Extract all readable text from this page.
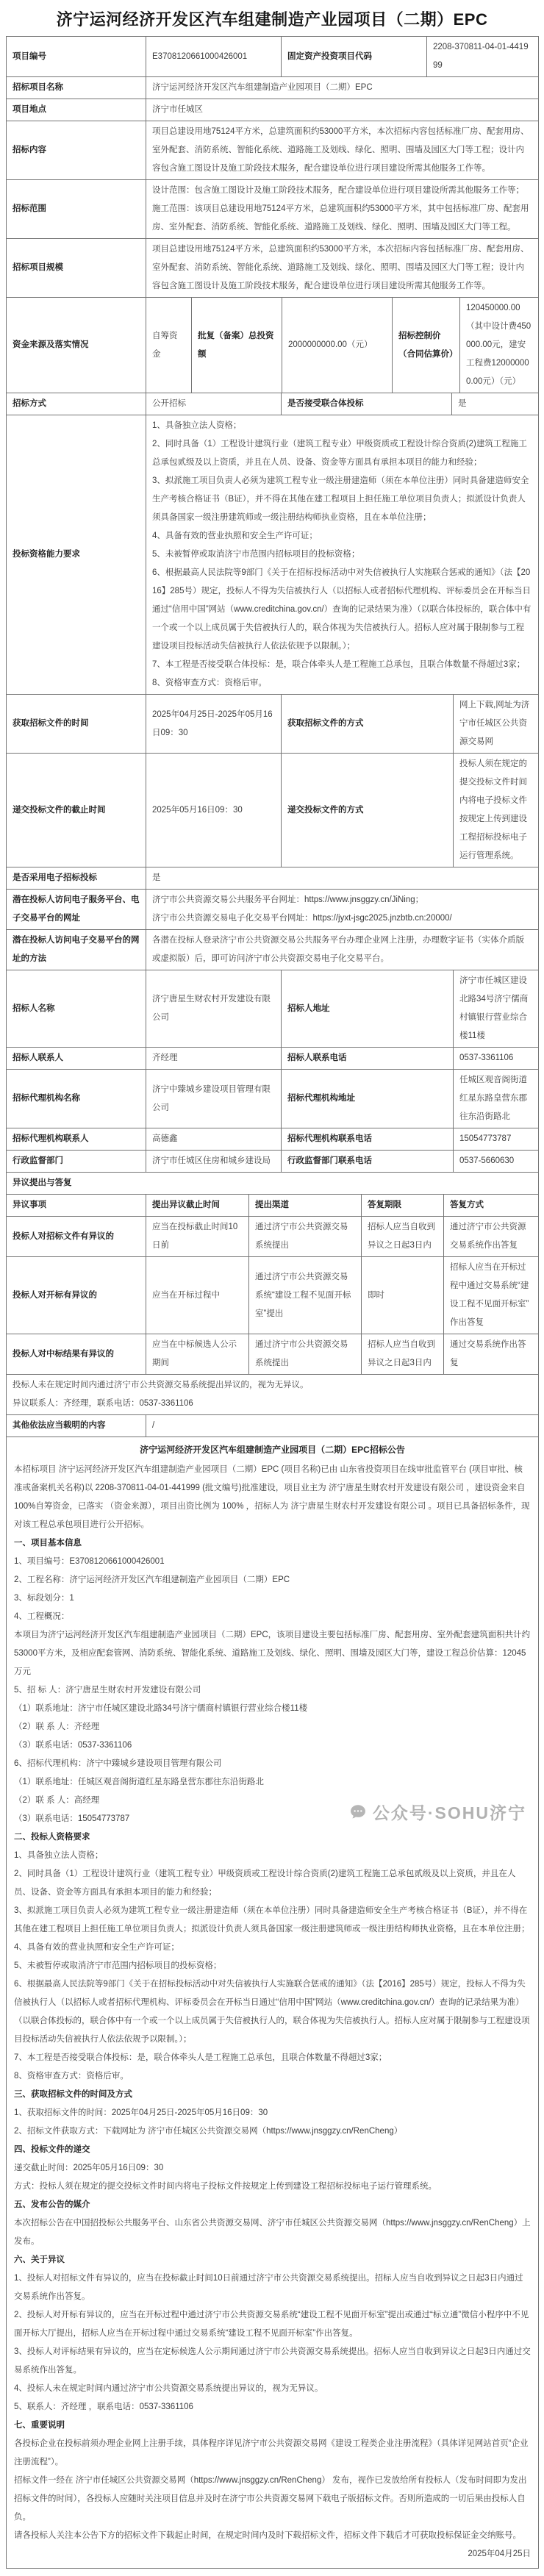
济宁运河经济开发区汽车组建制造产业园项目（二期）EPC
项目编号	E3708120661000426001	固定资产投资项目代码	2208-370811-04-01-441999
招标项目名称	济宁运河经济开发区汽车组建制造产业园项目（二期）EPC
项目地点	济宁市任城区
招标内容	项目总建设用地75124平方米，总建筑面积约53000平方米，本次招标内容包括标准厂房、配套用房、室外配套、消防系统、智能化系统、道路施工及划线、绿化、照明、围墙及园区大门等工程；设计内容包含施工图设计及施工阶段技术服务，配合建设单位进行项目建设所需其他服务工作等。
招标范围	设计范围：包含施工图设计及施工阶段技术服务，配合建设单位进行项目建设所需其他服务工作等；

施工范围：该项目总建设用地75124平方米，总建筑面积约53000平方米，其中包括标准厂房、配套用房、室外配套、消防系统、智能化系统、道路施工及划线、绿化、照明、围墙及园区大门等工程。

招标项目规模	项目总建设用地75124平方米，总建筑面积约53000平方米，本次招标内容包括标准厂房、配套用房、室外配套、消防系统、智能化系统、道路施工及划线、绿化、照明、围墙及园区大门等工程；设计内容包含施工图设计及施工阶段技术服务，配合建设单位进行项目建设所需其他服务工作等。
资金来源及落实情况	自筹资金	批复（备案）总投资额	2000000000.00（元）	招标控制价（合同估算价）	120450000.00（其中设计费450000.00元，建安工程费120000000.00元）（元）
招标方式	公开招标	是否接受联合体投标	是
投标资格能力要求	

1、具备独立法人资格；

2、同时具备（1）工程设计建筑行业（建筑工程专业）甲级资质或工程设计综合资质(2)建筑工程施工总承包贰级及以上资质，并且在人员、设备、资金等方面具有承担本项目的能力和经验；

3、拟派施工项目负责人必须为建筑工程专业一级注册建造师（须在本单位注册）同时具备建造师安全生产考核合格证书（B证），并不得在其他在建工程项目上担任施工单位项目负责人；拟派设计负责人须具备国家一级注册建筑师或一级注册结构师执业资格，且在本单位注册；

4、具备有效的营业执照和安全生产许可证；

5、未被暂停或取消济宁市范围内招标项目的投标资格；

6、根据最高人民法院等9部门《关于在招标投标活动中对失信被执行人实施联合惩戒的通知》（法【2016】285号）规定，投标人不得为失信被执行人（以招标人或者招标代理机构、评标委员会在开标当日通过“信用中国”网站（www.creditchina.gov.cn/）查询的记录结果为准）（以联合体投标的，联合体中有一个或一个以上成员属于失信被执行人的，联合体视为失信被执行人。招标人应对属于限制参与工程建设项目投标活动失信被执行人依法依规予以限制。）；

7、本工程是否接受联合体投标：是，联合体牵头人是工程施工总承包，且联合体数量不得超过3家；

8、资格审查方式：资格后审。

获取招标文件的时间	2025年04月25日-2025年05月16日09：30	获取招标文件的方式	网上下载,网址为济宁市任城区公共资源交易网
递交投标文件的截止时间	2025年05月16日09：30	递交投标文件的方式	投标人须在规定的提交投标文件时间内将电子投标文件按规定上传到建设工程招标投标电子运行管理系统。
是否采用电子招标投标	是
潜在投标人访问电子服务平台、电子交易平台的网址	济宁市公共资源交易公共服务平台网址：https://www.jnsggzy.cn/JiNing；

济宁市公共资源交易电子化交易平台网址：https://jyxt-jsgc2025.jnzbtb.cn:20000/

潜在投标人访问电子交易平台的网址的方法	各潜在投标人登录济宁市公共资源交易公共服务平台办理企业网上注册，办理数字证书（实体介质版或虚拟版）后，即可访问济宁市公共资源交易电子化交易平台。
招标人名称	济宁唐星生财农村开发建设有限公司	招标人地址	济宁市任城区建设北路34号济宁儒商村镇银行营业综合楼11楼
招标人联系人	齐经理	招标人联系电话	0537-3361106
招标代理机构名称	济宁中臻城乡建设项目管理有限公司	招标代理机构地址	任城区观音阁街道红星东路皇营东郡往东沿街路北
招标代理机构联系人	高德鑫	招标代理机构联系电话	15054773787
行政监督部门	济宁市任城区住房和城乡建设局	行政监督部门联系电话	0537-5660630
异议提出与答复
异议事项	提出异议截止时间	提出渠道	答复期限	答复方式
投标人对招标文件有异议的	应当在投标截止时间10日前	通过济宁市公共资源交易系统提出	招标人应当自收到异议之日起3日内	通过济宁市公共资源交易系统作出答复
投标人对开标有异议的	应当在开标过程中	通过济宁市公共资源交易系统“建设工程不见面开标室”提出	即时	招标人应当在开标过程中通过交易系统“建设工程不见面开标室”作出答复
投标人对中标结果有异议的	应当在中标候选人公示期间	通过济宁市公共资源交易系统提出	招标人应当自收到异议之日起3日内	通过交易系统作出答复

投标人未在规定时间内通过济宁市公共资源交易系统提出异议的，视为无异议。

异议联系人：齐经理，联系电话：0537-3361106

其他依法应当载明的内容	/

济宁运河经济开发区汽车组建制造产业园项目（二期）EPC招标公告

本招标项目 济宁运河经济开发区汽车组建制造产业园项目（二期）EPC (项目名称)已由 山东省投资项目在线审批监管平台 (项目审批、核准或备案机关名称)以 2208-370811-04-01-441999 (批文编号)批准建设，项目业主为 济宁唐星生财农村开发建设有限公司 ，建设资金来自 100%自筹资金，已落实 （资金来源），项目出资比例为 100% ，招标人为 济宁唐星生财农村开发建设有限公司 。项目已具备招标条件，现对该工程总承包项目进行公开招标。

一、项目基本信息

1、项目编号：E3708120661000426001

2、工程名称：济宁运河经济开发区汽车组建制造产业园项目（二期）EPC

3、标段划分：1

4、工程概况：

本项目为济宁运河经济开发区汽车组建制造产业园项目（二期）EPC，该项目建设主要包括标准厂房、配套用房、室外配套建筑面积共计约53000平方米，及相应配套管网、消防系统、智能化系统、道路施工及划线、绿化、照明、围墙及园区大门等，建设工程总价估算：12045万元

5、招 标 人：济宁唐星生财农村开发建设有限公司

（1）联系地址：济宁市任城区建设北路34号济宁儒商村镇银行营业综合楼11楼

（2）联 系 人：齐经理

（3）联系电话：0537-3361106

6、招标代理机构：济宁中臻城乡建设项目管理有限公司

（1）联系地址：任城区观音阁街道红星东路皇营东郡往东沿街路北

（2）联 系 人：高经理

（3）联系电话：15054773787

二、投标人资格要求

1、具备独立法人资格；

2、同时具备（1）工程设计建筑行业（建筑工程专业）甲级资质或工程设计综合资质(2)建筑工程施工总承包贰级及以上资质，并且在人员、设备、资金等方面具有承担本项目的能力和经验；

3、拟派施工项目负责人必须为建筑工程专业一级注册建造师（须在本单位注册）同时具备建造师安全生产考核合格证书（B证），并不得在其他在建工程项目上担任施工单位项目负责人；拟派设计负责人须具备国家一级注册建筑师或一级注册结构师执业资格，且在本单位注册；

4、具备有效的营业执照和安全生产许可证；

5、未被暂停或取消济宁市范围内招标项目的投标资格；

6、根据最高人民法院等9部门《关于在招标投标活动中对失信被执行人实施联合惩戒的通知》（法【2016】285号）规定，投标人不得为失信被执行人（以招标人或者招标代理机构、评标委员会在开标当日通过“信用中国”网站（www.creditchina.gov.cn/）查询的记录结果为准）（以联合体投标的，联合体中有一个或一个以上成员属于失信被执行人的，联合体视为失信被执行人。招标人应对属于限制参与工程建设项目投标活动失信被执行人依法依规予以限制。）；

7、本工程是否接受联合体投标：是，联合体牵头人是工程施工总承包，且联合体数量不得超过3家；

8、资格审查方式：资格后审。

三、获取招标文件的时间及方式

1、获取招标文件的时间：2025年04月25日-2025年05月16日09：30

2、招标文件获取方式：下载网址为 济宁市任城区公共资源交易网（https://www.jnsggzy.cn/RenCheng）

四、投标文件的递交

递交截止时间：2025年05月16日09：30

方式：投标人须在规定的提交投标文件时间内将电子投标文件按规定上传到建设工程招标投标电子运行管理系统。

五、发布公告的媒介

本次招标公告在中国招投标公共服务平台、山东省公共资源交易网、济宁市任城区公共资源交易网（https://www.jnsggzy.cn/RenCheng）上发布。

六、关于异议

1、投标人对招标文件有异议的，应当在投标截止时间10日前通过济宁市公共资源交易系统提出。招标人应当自收到异议之日起3日内通过交易系统作出答复。

2、投标人对开标有异议的，应当在开标过程中通过济宁市公共资源交易系统“建设工程不见面开标室”提出或通过“标立通”微信小程序中不见面开标大厅提出，招标人应当在开标过程中通过交易系统“建设工程不见面开标室”作出答复。

3、投标人对评标结果有异议的，应当在定标候选人公示期间通过济宁市公共资源交易系统提出。招标人应当自收到异议之日起3日内通过交易系统作出答复。

4、投标人未在规定时间内通过济宁市公共资源交易系统提出异议的，视为无异议。

5、联系人：齐经理 ，联系电话：0537-3361106

七、重要说明

各投标企业在投标前须办理企业网上注册手续，具体程序详见济宁市公共资源交易网《建设工程类企业注册流程》（具体详见网站首页“企业注册流程”）。

招标文件一经在 济宁市任城区公共资源交易网（https://www.jnsggzy.cn/RenCheng） 发布，视作已发放给所有投标人（发布时间即为发出招标文件的时间），各投标人应随时关注项目信息并及时在济宁市公共资源交易网下载电子版招标文件。否则所造成的一切后果由投标人自负。

请各投标人关注本公告下方的招标文件下载起止时间，在规定时间内及时下载招标文件，招标文件下载后才可获取投标保证金交纳账号。

2025年04月25日

公众号·SOHU济宁
